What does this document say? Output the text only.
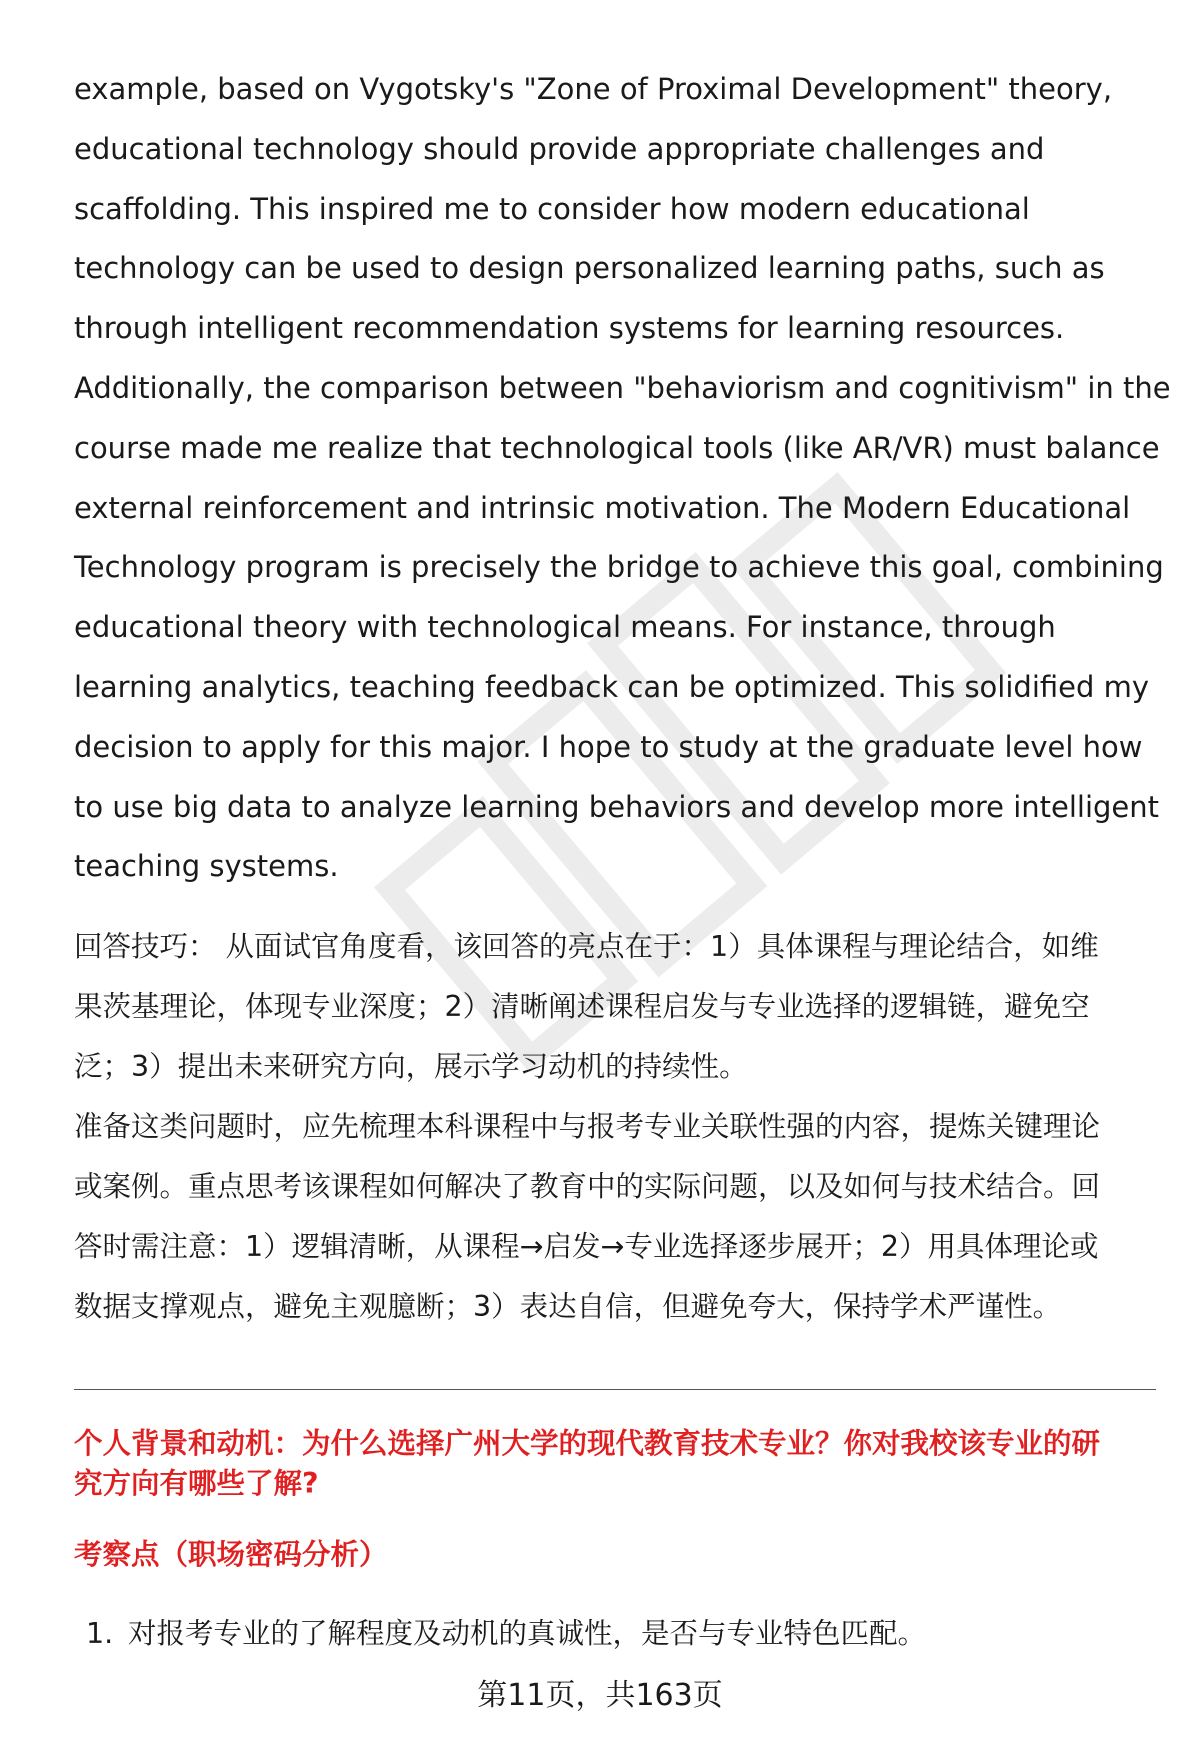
example, based on Vygotsky's "Zone of Proximal Development" theory,
educational technology should provide appropriate challenges and
scaffolding. This inspired me to consider how modern educational
technology can be used to design personalized learning paths, such as
through intelligent recommendation systems for learning resources.
Additionally, the comparison between "behaviorism and cognitivism" in the
course made me realize that technological tools (like AR/VR) must balance
external reinforcement and intrinsic motivation. The Modern Educational
Technology program is precisely the bridge to achieve this goal, combining
educational theory with technological means. For instance, through
learning analytics, teaching feedback can be optimized. This solidified my
decision to apply for this major. I hope to study at the graduate level how
to use big data to analyze learning behaviors and develop more intelligent
teaching systems.

回答技巧： 从面试官角度看，该回答的亮点在于：1）具体课程与理论结合，如维
果茨基理论，体现专业深度；2）清晰阐述课程启发与专业选择的逻辑链，避免空
泛；3）提出未来研究方向，展示学习动机的持续性。
准备这类问题时，应先梳理本科课程中与报考专业关联性强的内容，提炼关键理论
或案例。重点思考该课程如何解决了教育中的实际问题，以及如何与技术结合。回
答时需注意：1）逻辑清晰，从课程→启发→专业选择逐步展开；2）用具体理论或
数据支撑观点，避免主观臆断；3）表达自信，但避免夸大，保持学术严谨性。
个人背景和动机：为什么选择广州大学的现代教育技术专业？你对我校该专业的研
究方向有哪些了解?
考察点（职场密码分析）
1. 对报考专业的了解程度及动机的真诚性，是否与专业特色匹配。
第11页，共163页
